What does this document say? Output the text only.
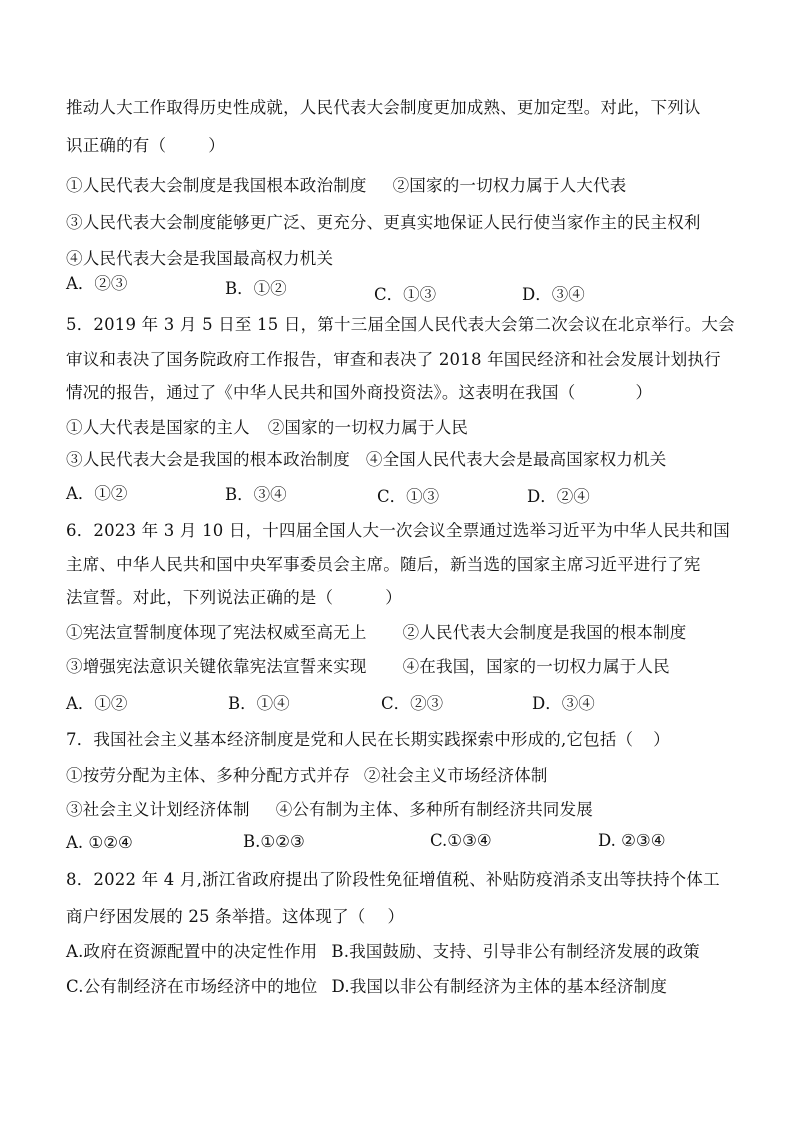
推动人大工作取得历史性成就，人民代表大会制度更加成熟、更加定型。对此，下列认
识正确的有（	）
①人民代表大会制度是我国根本政治制度 ②国家的一切权力属于人大代表
③人民代表大会制度能够更广泛、更充分、更真实地保证人民行使当家作主的民主权利
④人民代表大会是我国最高权力机关
A．②③	B．①②	C．①③	D．③④
5．2019 年 3 月 5 日至 15 日，第十三届全国人民代表大会第二次会议在北京举行。大会
审议和表决了国务院政府工作报告，审查和表决了 2018 年国民经济和社会发展计划执行
情况的报告，通过了《中华人民共和国外商投资法》。这表明在我国（	）
①人大代表是国家的主人 ②国家的一切权力属于人民
③人民代表大会是我国的根本政治制度 ④全国人民代表大会是最高国家权力机关
A．①②	B．③④	C．①③	D．②④
6．2023 年 3 月 10 日，十四届全国人大一次会议全票通过选举习近平为中华人民共和国
主席、中华人民共和国中央军事委员会主席。随后，新当选的国家主席习近平进行了宪
法宣誓。对此，下列说法正确的是（	）
①宪法宣誓制度体现了宪法权威至高无上 ②人民代表大会制度是我国的根本制度
③增强宪法意识关键依靠宪法宣誓来实现 ④在我国，国家的一切权力属于人民
A．①②	B．①④	C．②③	D．③④
7．我国社会主义基本经济制度是党和人民在长期实践探索中形成的,它包括（ ）
①按劳分配为主体、多种分配方式并存 ②社会主义市场经济体制
③社会主义计划经济体制 ④公有制为主体、多种所有制经济共同发展
A. ①②④	B.①②③	C.①③④	D. ②③④
8．2022 年 4 月,浙江省政府提出了阶段性免征增值税、补贴防疫消杀支出等扶持个体工
商户纾困发展的 25 条举措。这体现了（ ）
A.政府在资源配置中的决定性作用 B.我国鼓励、支持、引导非公有制经济发展的政策
C.公有制经济在市场经济中的地位 D.我国以非公有制经济为主体的基本经济制度
